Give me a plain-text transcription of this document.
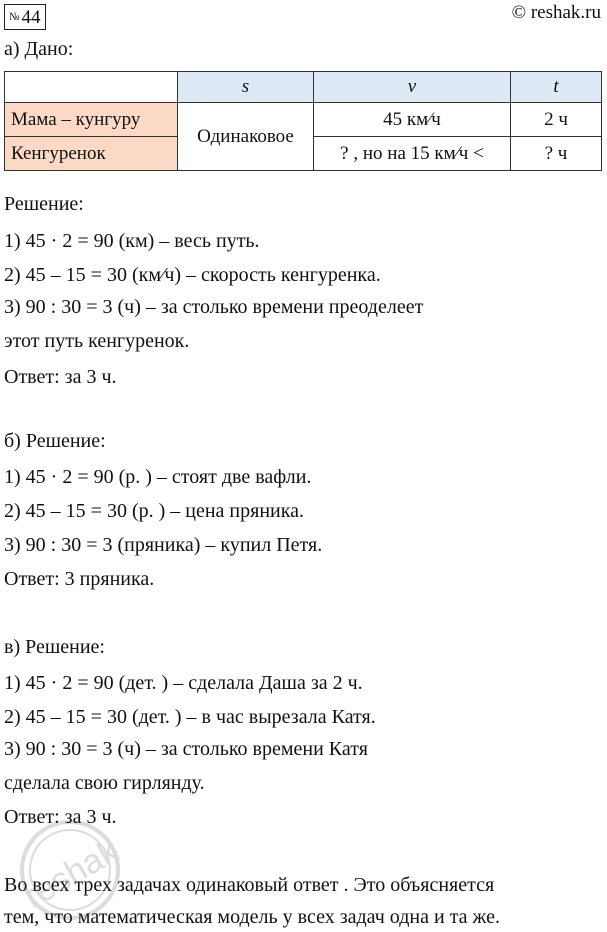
№ 44	© reshak.ru
а) Дано:
	s	v	t
Мама – кунгуру	Одинаковое	45 км⁄ч	2 ч
Кенгуренок		? , но на 15 км⁄ч <	? ч
Решение:
1) 45 · 2 = 90 (км) – весь путь.
2) 45 – 15 = 30 (км⁄ч) – скорость кенгуренка.
3) 90 : 30 = 3 (ч) – за столько времени преоделеет
этот путь кенгуренок.
Ответ: за 3 ч.
б) Решение:
1) 45 · 2 = 90 (р. ) – стоят две вафли.
2) 45 – 15 = 30 (р. ) – цена пряника.
3) 90 : 30 = 3 (пряника) – купил Петя.
Ответ: 3 пряника.
в) Решение:
1) 45 · 2 = 90 (дет. ) – сделала Даша за 2 ч.
2) 45 – 15 = 30 (дет. ) – в час вырезала Катя.
3) 90 : 30 = 3 (ч) – за столько времени Катя
сделала свою гирлянду.
Ответ: за 3 ч.
Во всех трех задачах одинаковый ответ . Это объясняется
тем, что математическая модель у всех задач одна и та же.
reshak
